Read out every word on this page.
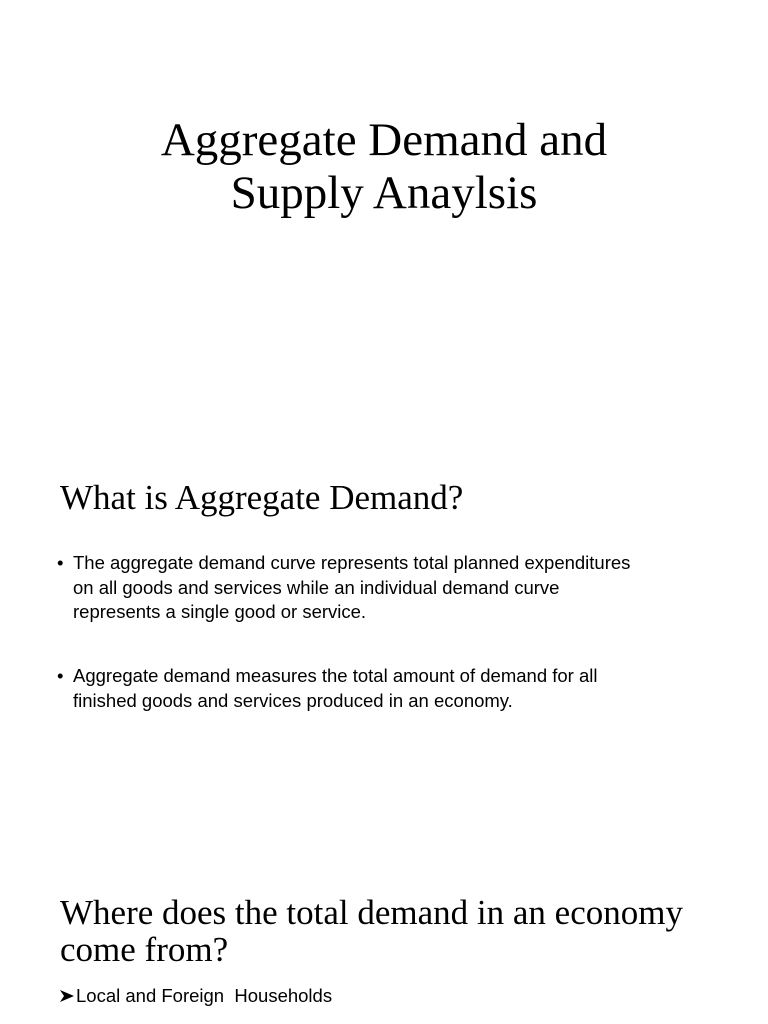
Aggregate Demand and
Supply Anaylsis
What is Aggregate Demand?
• The aggregate demand curve represents total planned expenditures
on all goods and services while an individual demand curve
represents a single good or service.
• Aggregate demand measures the total amount of demand for all
finished goods and services produced in an economy.
Where does the total demand in an economy
come from?

Local and Foreign  Households
